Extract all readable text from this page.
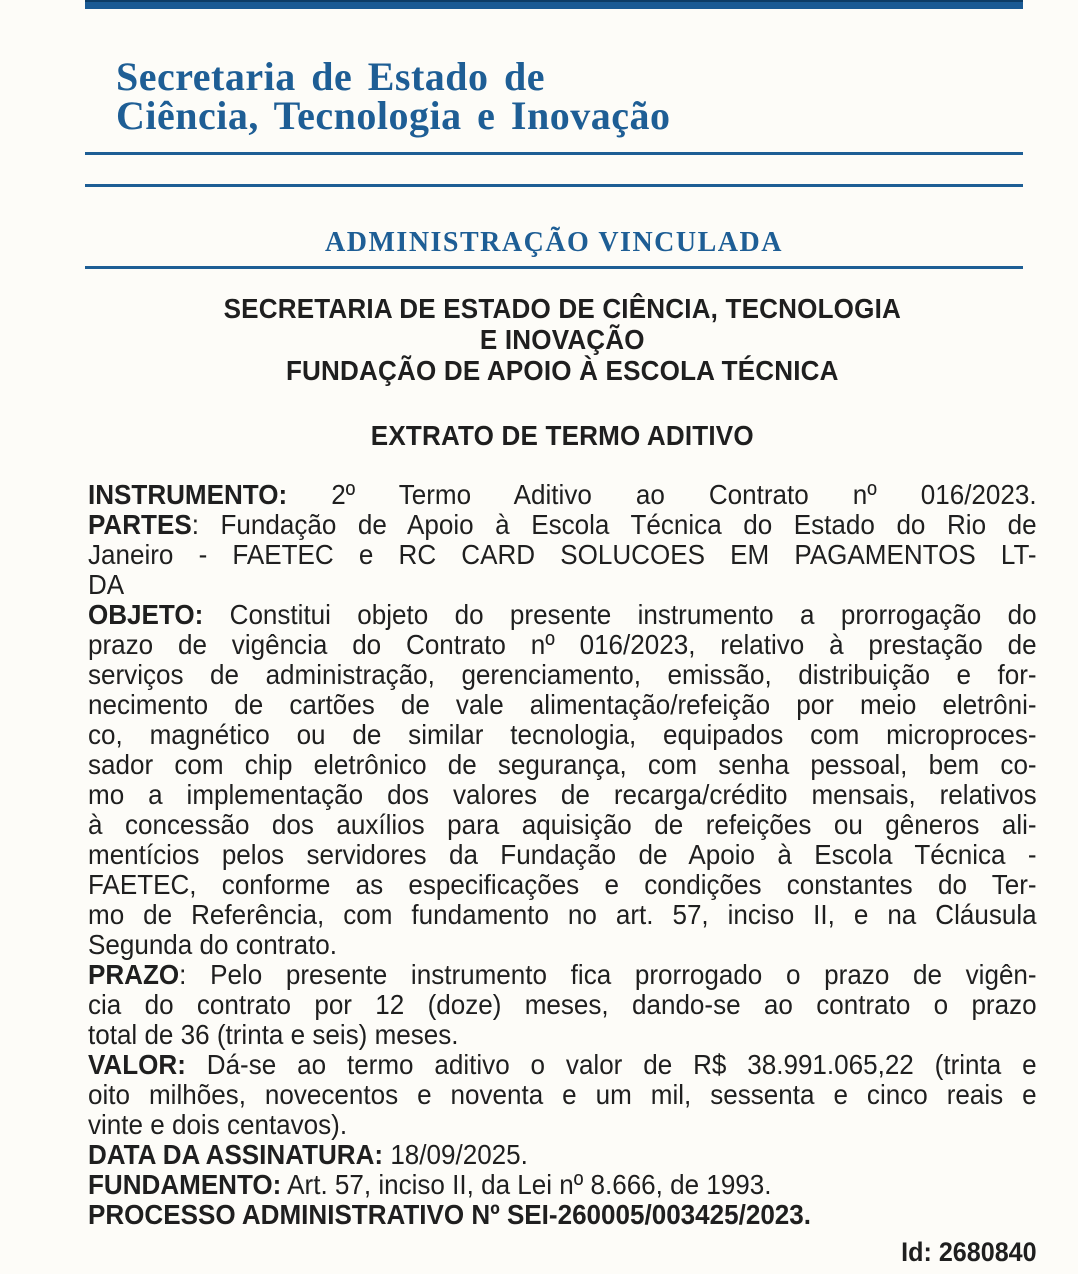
Secretaria de Estado de
Ciência, Tecnologia e Inovação
ADMINISTRAÇÃO VINCULADA
SECRETARIA DE ESTADO DE CIÊNCIA, TECNOLOGIA
E INOVAÇÃO
FUNDAÇÃO DE APOIO À ESCOLA TÉCNICA
EXTRATO DE TERMO ADITIVO
INSTRUMENTO: 2º Termo Aditivo ao Contrato nº 016/2023.
PARTES: Fundação de Apoio à Escola Técnica do Estado do Rio de
Janeiro - FAETEC e RC CARD SOLUCOES EM PAGAMENTOS LT-
DA
OBJETO: Constitui objeto do presente instrumento a prorrogação do
prazo de vigência do Contrato nº 016/2023, relativo à prestação de
serviços de administração, gerenciamento, emissão, distribuição e for-
necimento de cartões de vale alimentação/refeição por meio eletrôni-
co, magnético ou de similar tecnologia, equipados com microproces-
sador com chip eletrônico de segurança, com senha pessoal, bem co-
mo a implementação dos valores de recarga/crédito mensais, relativos
à concessão dos auxílios para aquisição de refeições ou gêneros ali-
mentícios pelos servidores da Fundação de Apoio à Escola Técnica -
FAETEC, conforme as especificações e condições constantes do Ter-
mo de Referência, com fundamento no art. 57, inciso II, e na Cláusula
Segunda do contrato.
PRAZO: Pelo presente instrumento fica prorrogado o prazo de vigên-
cia do contrato por 12 (doze) meses, dando-se ao contrato o prazo
total de 36 (trinta e seis) meses.
VALOR: Dá-se ao termo aditivo o valor de R$ 38.991.065,22 (trinta e
oito milhões, novecentos e noventa e um mil, sessenta e cinco reais e
vinte e dois centavos).
DATA DA ASSINATURA: 18/09/2025.
FUNDAMENTO: Art. 57, inciso II, da Lei nº 8.666, de 1993.
PROCESSO ADMINISTRATIVO Nº SEI-260005/003425/2023.
Id: 2680840
